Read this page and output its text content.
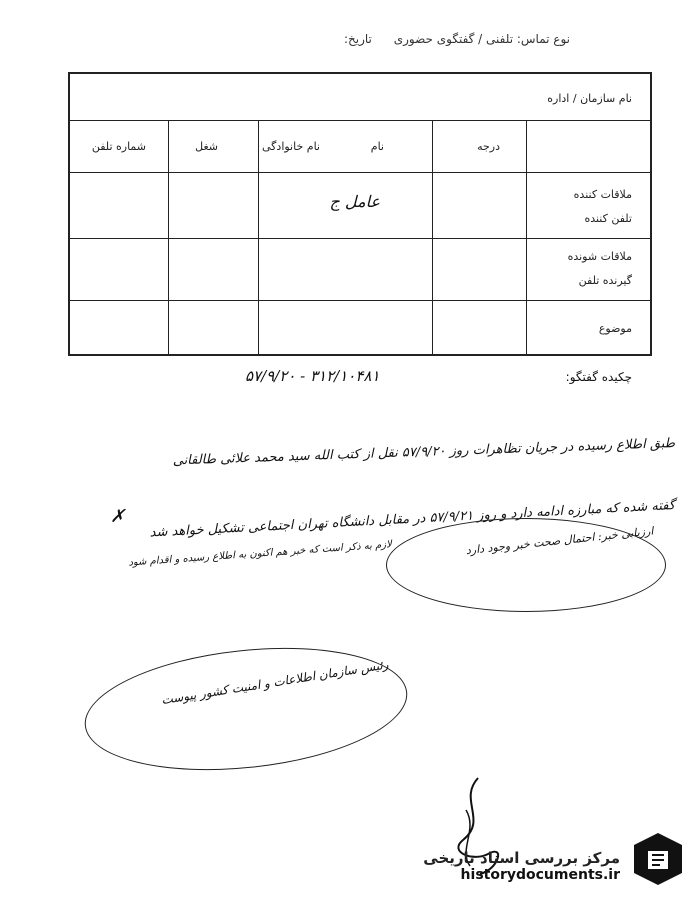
نوع تماس: تلفنی / گفتگوی حضوری تاریخ:
نام سازمان / اداره
درجه
نام
نام خانوادگی
شغل
شماره تلفن
ملاقات کننده
تلفن کننده
عامل ج
ملاقات شونده
گیرنده تلفن
موضوع
چکیده گفتگو:
۵۷/۹/۲۰ - ۳۱۲/۱۰۴۸۱
طبق اطلاع رسیده در جریان تظاهرات روز ۵۷/۹/۲۰ نقل از کتب الله سید محمد علائی طالقانی
گفته شده که مبارزه ادامه دارد و روز ۵۷/۹/۲۱ در مقابل دانشگاه تهران اجتماعی تشکیل خواهد شد
✗
ارزیابی خبر: احتمال صحت خبر وجود دارد
لازم به ذکر است که خبر هم اکنون به اطلاع رسیده و اقدام شود
رئیس سازمان اطلاعات و امنیت کشور پیوست
مرکز بررسی اسناد تاریخی
historydocuments.ir
